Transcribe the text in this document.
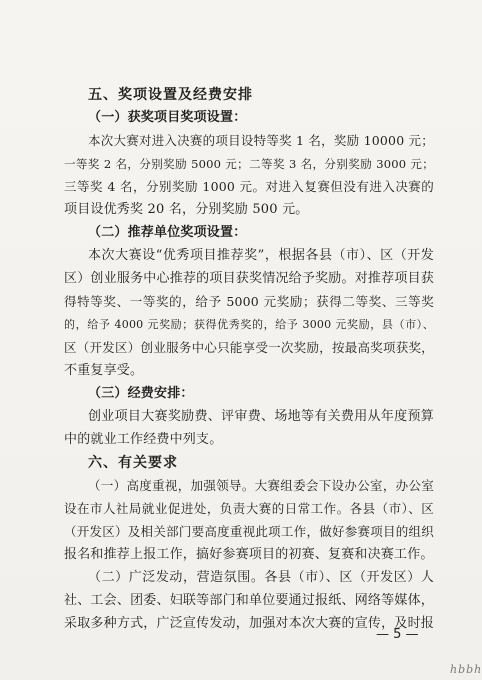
五、奖项设置及经费安排
（一）获奖项目奖项设置：
本次大赛对进入决赛的项目设特等奖 1 名，奖励 10000 元；
一等奖 2 名，分别奖励 5000 元；二等奖 3 名，分别奖励 3000 元；
三等奖 4 名，分别奖励 1000 元。对进入复赛但没有进入决赛的
项目设优秀奖 20 名，分别奖励 500 元。
（二）推荐单位奖项设置：
本次大赛设“优秀项目推荐奖”，根据各县（市）、区（开发
区）创业服务中心推荐的项目获奖情况给予奖励。对推荐项目获
得特等奖、一等奖的，给予 5000 元奖励；获得二等奖、三等奖
的，给予 4000 元奖励；获得优秀奖的，给予 3000 元奖励，县（市）、
区（开发区）创业服务中心只能享受一次奖励，按最高奖项获奖，
不重复享受。
（三）经费安排：
创业项目大赛奖励费、评审费、场地等有关费用从年度预算
中的就业工作经费中列支。
六、有关要求
（一）高度重视，加强领导。大赛组委会下设办公室，办公室
设在市人社局就业促进处，负责大赛的日常工作。各县（市）、区
（开发区）及相关部门要高度重视此项工作，做好参赛项目的组织
报名和推荐上报工作，搞好参赛项目的初赛、复赛和决赛工作。
（二）广泛发动，营造氛围。各县（市）、区（开发区）人
社、工会、团委、妇联等部门和单位要通过报纸、网络等媒体，
采取多种方式，广泛宣传发动，加强对本次大赛的宣传，及时报
— 5 —
hbbh
